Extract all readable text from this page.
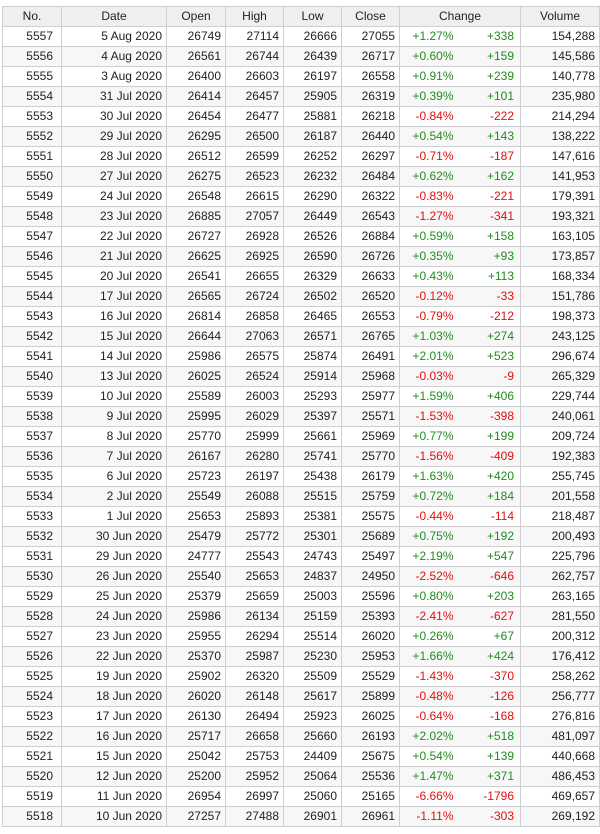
No.	Date	Open	High	Low	Close	Change		Volume
5557	5 Aug 2020	26749	27114	26666	27055	+1.27%	+338	154,288
5556	4 Aug 2020	26561	26744	26439	26717	+0.60%	+159	145,586
5555	3 Aug 2020	26400	26603	26197	26558	+0.91%	+239	140,778
5554	31 Jul 2020	26414	26457	25905	26319	+0.39%	+101	235,980
5553	30 Jul 2020	26454	26477	25881	26218	-0.84%	-222	214,294
5552	29 Jul 2020	26295	26500	26187	26440	+0.54%	+143	138,222
5551	28 Jul 2020	26512	26599	26252	26297	-0.71%	-187	147,616
5550	27 Jul 2020	26275	26523	26232	26484	+0.62%	+162	141,953
5549	24 Jul 2020	26548	26615	26290	26322	-0.83%	-221	179,391
5548	23 Jul 2020	26885	27057	26449	26543	-1.27%	-341	193,321
5547	22 Jul 2020	26727	26928	26526	26884	+0.59%	+158	163,105
5546	21 Jul 2020	26625	26925	26590	26726	+0.35%	+93	173,857
5545	20 Jul 2020	26541	26655	26329	26633	+0.43%	+113	168,334
5544	17 Jul 2020	26565	26724	26502	26520	-0.12%	-33	151,786
5543	16 Jul 2020	26814	26858	26465	26553	-0.79%	-212	198,373
5542	15 Jul 2020	26644	27063	26571	26765	+1.03%	+274	243,125
5541	14 Jul 2020	25986	26575	25874	26491	+2.01%	+523	296,674
5540	13 Jul 2020	26025	26524	25914	25968	-0.03%	-9	265,329
5539	10 Jul 2020	25589	26003	25293	25977	+1.59%	+406	229,744
5538	9 Jul 2020	25995	26029	25397	25571	-1.53%	-398	240,061
5537	8 Jul 2020	25770	25999	25661	25969	+0.77%	+199	209,724
5536	7 Jul 2020	26167	26280	25741	25770	-1.56%	-409	192,383
5535	6 Jul 2020	25723	26197	25438	26179	+1.63%	+420	255,745
5534	2 Jul 2020	25549	26088	25515	25759	+0.72%	+184	201,558
5533	1 Jul 2020	25653	25893	25381	25575	-0.44%	-114	218,487
5532	30 Jun 2020	25479	25772	25301	25689	+0.75%	+192	200,493
5531	29 Jun 2020	24777	25543	24743	25497	+2.19%	+547	225,796
5530	26 Jun 2020	25540	25653	24837	24950	-2.52%	-646	262,757
5529	25 Jun 2020	25379	25659	25003	25596	+0.80%	+203	263,165
5528	24 Jun 2020	25986	26134	25159	25393	-2.41%	-627	281,550
5527	23 Jun 2020	25955	26294	25514	26020	+0.26%	+67	200,312
5526	22 Jun 2020	25370	25987	25230	25953	+1.66%	+424	176,412
5525	19 Jun 2020	25902	26320	25509	25529	-1.43%	-370	258,262
5524	18 Jun 2020	26020	26148	25617	25899	-0.48%	-126	256,777
5523	17 Jun 2020	26130	26494	25923	26025	-0.64%	-168	276,816
5522	16 Jun 2020	25717	26658	25660	26193	+2.02%	+518	481,097
5521	15 Jun 2020	25042	25753	24409	25675	+0.54%	+139	440,668
5520	12 Jun 2020	25200	25952	25064	25536	+1.47%	+371	486,453
5519	11 Jun 2020	26954	26997	25060	25165	-6.66%	-1796	469,657
5518	10 Jun 2020	27257	27488	26901	26961	-1.11%	-303	269,192
